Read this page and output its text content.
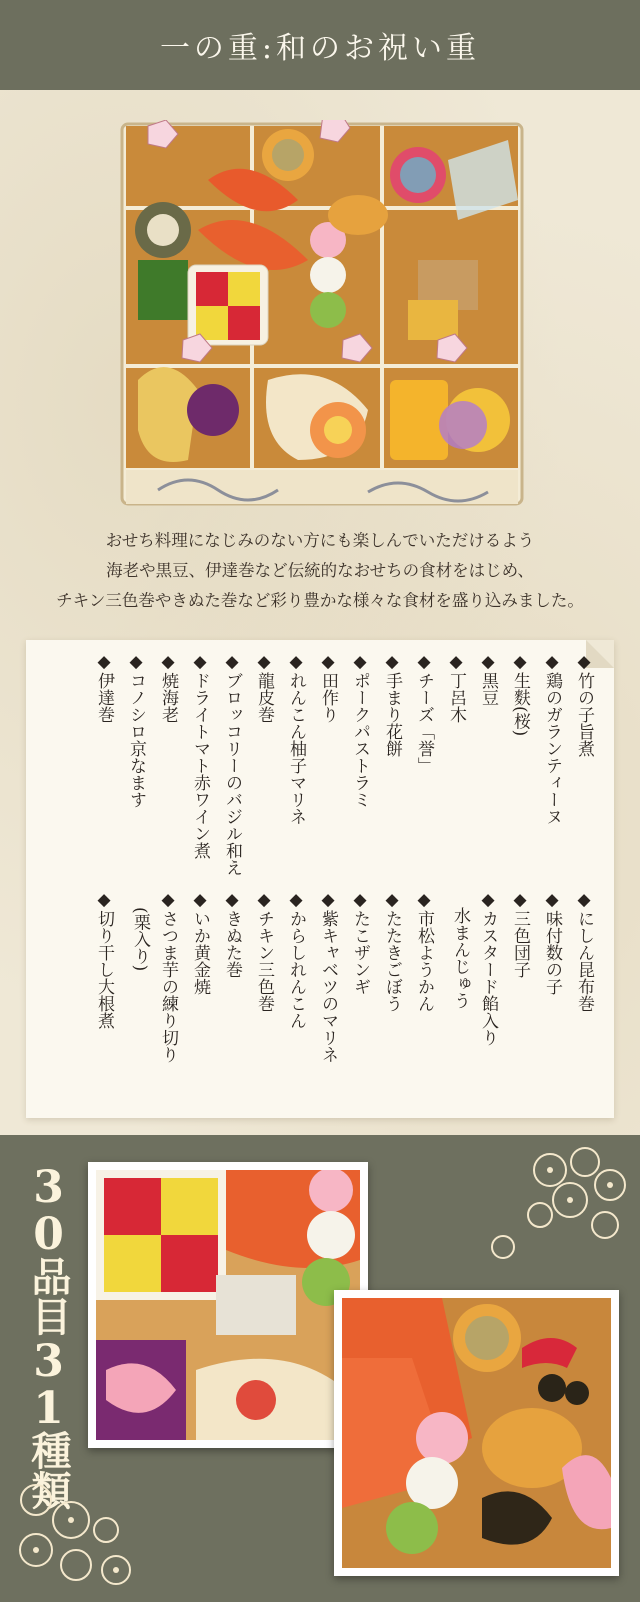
一の重:和のお祝い重

おせち料理になじみのない方にも楽しんでいただけるよう

海老や黒豆、伊達巻など伝統的なおせちの食材をはじめ、

チキン三色巻やきぬた巻など彩り豊かな様々な食材を盛り込みました。

◆竹の子旨煮
◆鶏のガランティーヌ
◆生麩(桜)
◆黒豆
◆丁呂木
◆チーズ「誉」
◆手まり花餅
◆ポークパストラミ
◆田作り
◆れんこん柚子マリネ
◆龍皮巻
◆ブロッコリーのバジル和え
◆ドライトマト赤ワイン煮
◆焼海老
◆コノシロ京なます
◆伊達巻
◆にしん昆布巻
◆味付数の子
◆三色団子
◆カスタード餡入り
　水まんじゅう
◆市松ようかん
◆たたきごぼう
◆たこザンギ
◆紫キャベツのマリネ
◆からしれんこん
◆チキン三色巻
◆きぬた巻
◆いか黄金焼
◆さつま芋の練り切り
　(栗入り)
◆切り干し大根煮
30品目31種類
